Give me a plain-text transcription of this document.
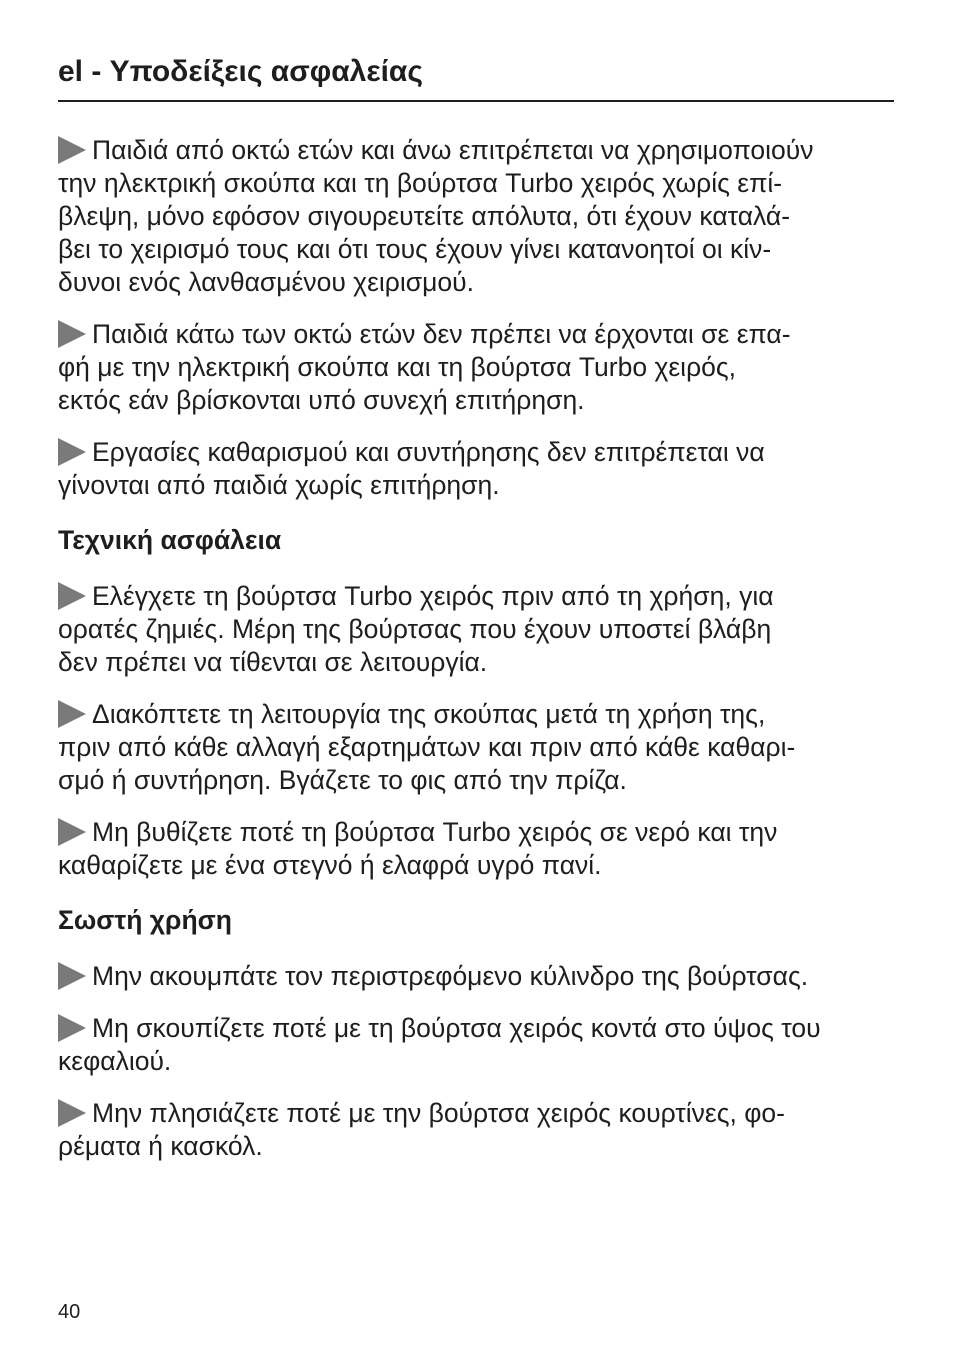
el - Υποδείξεις ασφαλείας
Παιδιά από οκτώ ετών και άνω επιτρέπεται να χρησιμοποιούν
την ηλεκτρική σκούπα και τη βούρτσα Turbo χειρός χωρίς επί-
βλεψη, μόνο εφόσον σιγουρευτείτε απόλυτα, ότι έχουν καταλά-
βει το χειρισμό τους και ότι τους έχουν γίνει κατανοητοί οι κίν-
δυνοι ενός λανθασμένου χειρισμού.
Παιδιά κάτω των οκτώ ετών δεν πρέπει να έρχονται σε επα-
φή με την ηλεκτρική σκούπα και τη βούρτσα Turbo χειρός,
εκτός εάν βρίσκονται υπό συνεχή επιτήρηση.
Εργασίες καθαρισμού και συντήρησης δεν επιτρέπεται να
γίνονται από παιδιά χωρίς επιτήρηση.
Τεχνική ασφάλεια
Ελέγχετε τη βούρτσα Turbo χειρός πριν από τη χρήση, για
ορατές ζημιές. Μέρη της βούρτσας που έχουν υποστεί βλάβη
δεν πρέπει να τίθενται σε λειτουργία.
Διακόπτετε τη λειτουργία της σκούπας μετά τη χρήση της,
πριν από κάθε αλλαγή εξαρτημάτων και πριν από κάθε καθαρι-
σμό ή συντήρηση. Βγάζετε το φις από την πρίζα.
Μη βυθίζετε ποτέ τη βούρτσα Turbo χειρός σε νερό και την
καθαρίζετε με ένα στεγνό ή ελαφρά υγρό πανί.
Σωστή χρήση
Μην ακουμπάτε τον περιστρεφόμενο κύλινδρο της βούρτσας.
Μη σκουπίζετε ποτέ με τη βούρτσα χειρός κοντά στο ύψος του
κεφαλιού.
Μην πλησιάζετε ποτέ με την βούρτσα χειρός κουρτίνες, φο-
ρέματα ή κασκόλ.
40
